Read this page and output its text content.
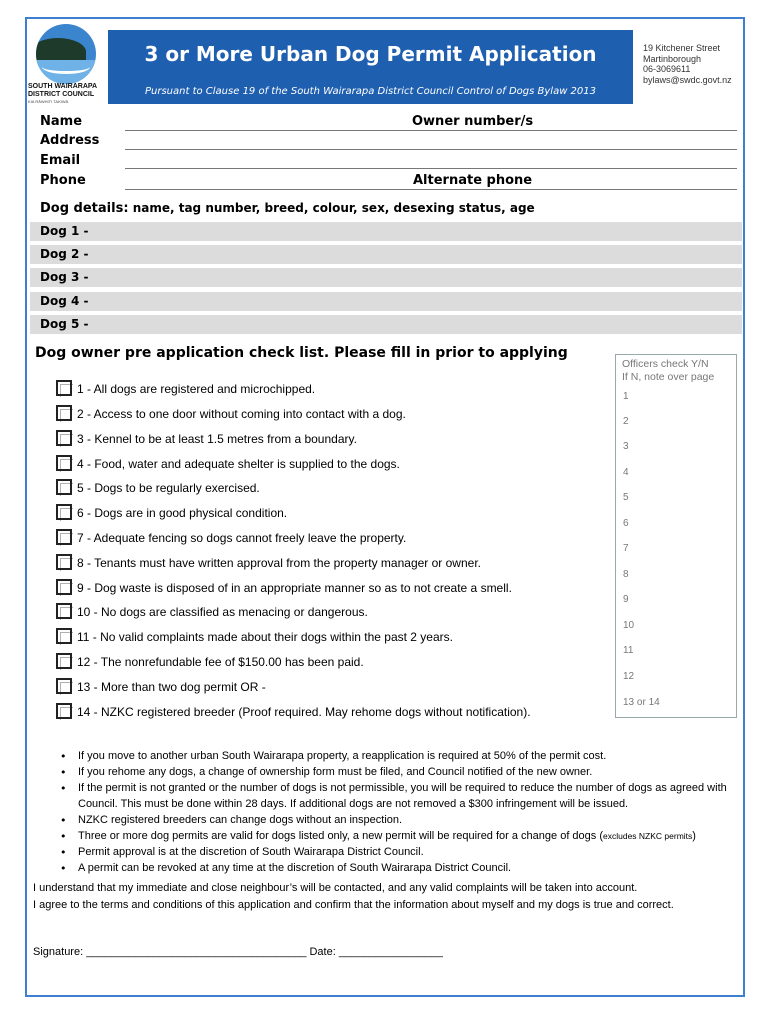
SOUTH WAIRARAPA
DISTRICT COUNCIL
KIA RĀWHITI TAKIWĀ
3 or More Urban Dog Permit Application
Pursuant to Clause 19 of the South Wairarapa District Council Control of Dogs Bylaw 2013
19 Kitchener Street
Martinborough
06-3069611
bylaws@swdc.govt.nz
Name	Owner number/s
Address
Email
Phone	Alternate phone
Dog details: name, tag number, breed, colour, sex, desexing status, age
Dog 1 -
Dog 2 -
Dog 3 -
Dog 4 -
Dog 5 -
Dog owner pre application check list. Please fill in prior to applying
1 - All dogs are registered and microchipped.
2 - Access to one door without coming into contact with a dog.
3 - Kennel to be at least 1.5 metres from a boundary.
4 - Food, water and adequate shelter is supplied to the dogs.
5 - Dogs to be regularly exercised.
6 - Dogs are in good physical condition.
7 - Adequate fencing so dogs cannot freely leave the property.
8 - Tenants must have written approval from the property manager or owner.
9 - Dog waste is disposed of in an appropriate manner so as to not create a smell.
10 - No dogs are classified as menacing or dangerous.
11 - No valid complaints made about their dogs within the past 2 years.
12 - The nonrefundable fee of $150.00 has been paid.
13 - More than two dog permit OR -
14 - NZKC registered breeder (Proof required. May rehome dogs without notification).
Officers check Y/N
If N, note over page
1
2
3
4
5
6
7
8
9
10
11
12
13 or 14
• If you move to another urban South Wairarapa property, a reapplication is required at 50% of the permit cost.
• If you rehome any dogs, a change of ownership form must be filed, and Council notified of the new owner.
• If the permit is not granted or the number of dogs is not permissible, you will be required to reduce the number of dogs as agreed with Council. This must be done within 28 days. If additional dogs are not removed a $300 infringement will be issued.
• NZKC registered breeders can change dogs without an inspection.
• Three or more dog permits are valid for dogs listed only, a new permit will be required for a change of dogs (excludes NZKC permits)
• Permit approval is at the discretion of South Wairarapa District Council.
• A permit can be revoked at any time at the discretion of South Wairarapa District Council.
I understand that my immediate and close neighbour’s will be contacted, and any valid complaints will be taken into account.
I agree to the terms and conditions of this application and confirm that the information about myself and my dogs is true and correct.
Signature: ____________________________________ Date: _________________
